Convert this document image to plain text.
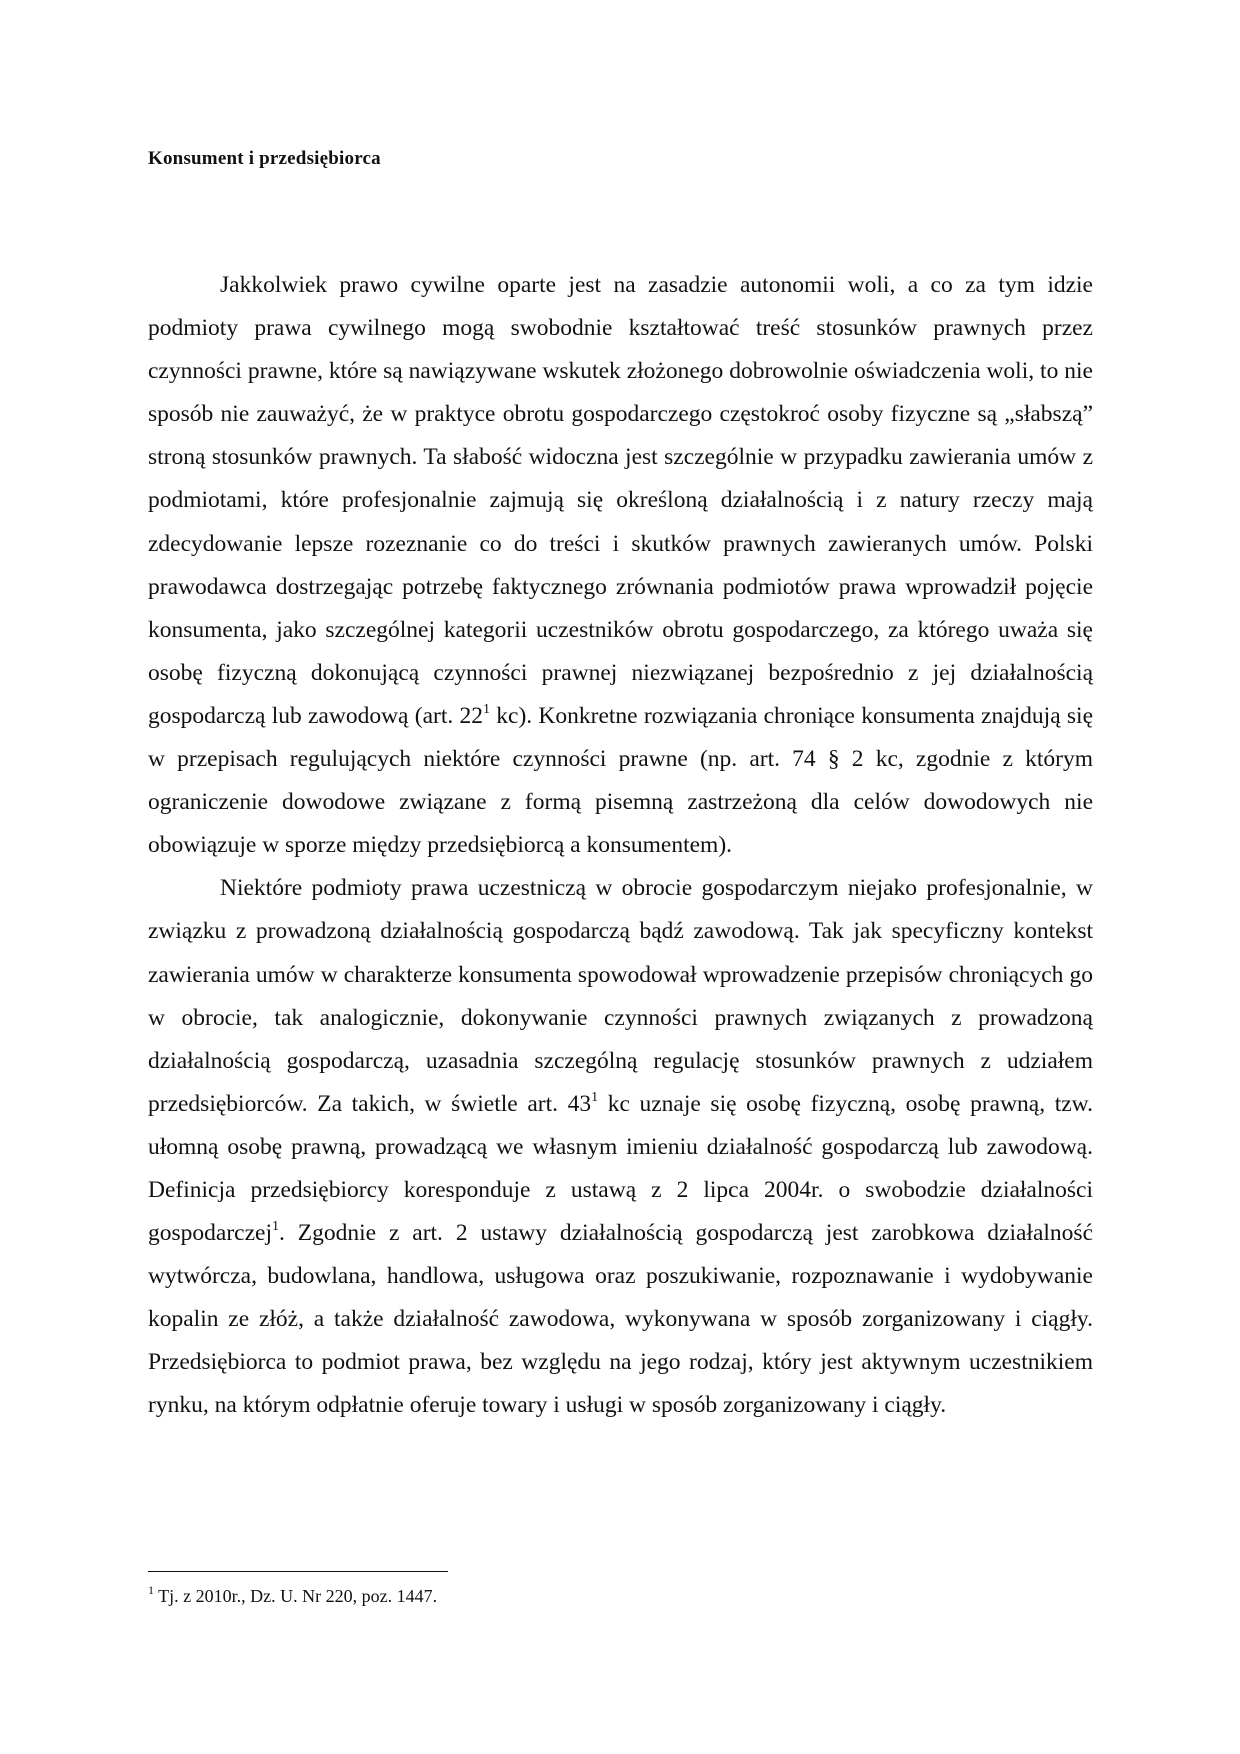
Konsument i przedsiębiorca

Jakkolwiek prawo cywilne oparte jest na zasadzie autonomii woli, a co za tym idzie podmioty prawa cywilnego mogą swobodnie kształtować treść stosunków prawnych przez czynności prawne, które są nawiązywane wskutek złożonego dobrowolnie oświadczenia woli, to nie sposób nie zauważyć, że w praktyce obrotu gospodarczego częstokroć osoby fizyczne są „słabszą” stroną stosunków prawnych. Ta słabość widoczna jest szczególnie w przypadku zawierania umów z podmiotami, które profesjonalnie zajmują się określoną działalnością i z natury rzeczy mają zdecydowanie lepsze rozeznanie co do treści i skutków prawnych zawieranych umów. Polski prawodawca dostrzegając potrzebę faktycznego zrównania podmiotów prawa wprowadził pojęcie konsumenta, jako szczególnej kategorii uczestników obrotu gospodarczego, za którego uważa się osobę fizyczną dokonującą czynności prawnej niezwiązanej bezpośrednio z jej działalnością gospodarczą lub zawodową (art. $22^1$ kc). Konkretne rozwiązania chroniące konsumenta znajdują się w przepisach regulujących niektóre czynności prawne (np. art. 74 § 2 kc, zgodnie z którym ograniczenie dowodowe związane z formą pisemną zastrzeżoną dla celów dowodowych nie obowiązuje w sporze między przedsiębiorcą a konsumentem).

Niektóre podmioty prawa uczestniczą w obrocie gospodarczym niejako profesjonalnie, w związku z prowadzoną działalnością gospodarczą bądź zawodową. Tak jak specyficzny kontekst zawierania umów w charakterze konsumenta spowodował wprowadzenie przepisów chroniących go w obrocie, tak analogicznie, dokonywanie czynności prawnych związanych z prowadzoną działalnością gospodarczą, uzasadnia szczególną regulację stosunków prawnych z udziałem przedsiębiorców. Za takich, w świetle art. $43^1$ kc uznaje się osobę fizyczną, osobę prawną, tzw. ułomną osobę prawną, prowadzącą we własnym imieniu działalność gospodarczą lub zawodową. Definicja przedsiębiorcy koresponduje z ustawą z 2 lipca 2004r. o swobodzie działalności gospodarczej$^1$. Zgodnie z art. 2 ustawy działalnością gospodarczą jest zarobkowa działalność wytwórcza, budowlana, handlowa, usługowa oraz poszukiwanie, rozpoznawanie i wydobywanie kopalin ze złóż, a także działalność zawodowa, wykonywana w sposób zorganizowany i ciągły. Przedsiębiorca to podmiot prawa, bez względu na jego rodzaj, który jest aktywnym uczestnikiem rynku, na którym odpłatnie oferuje towary i usługi w sposób zorganizowany i ciągły.

$^1$ Tj. z 2010r., Dz. U. Nr 220, poz. 1447.
